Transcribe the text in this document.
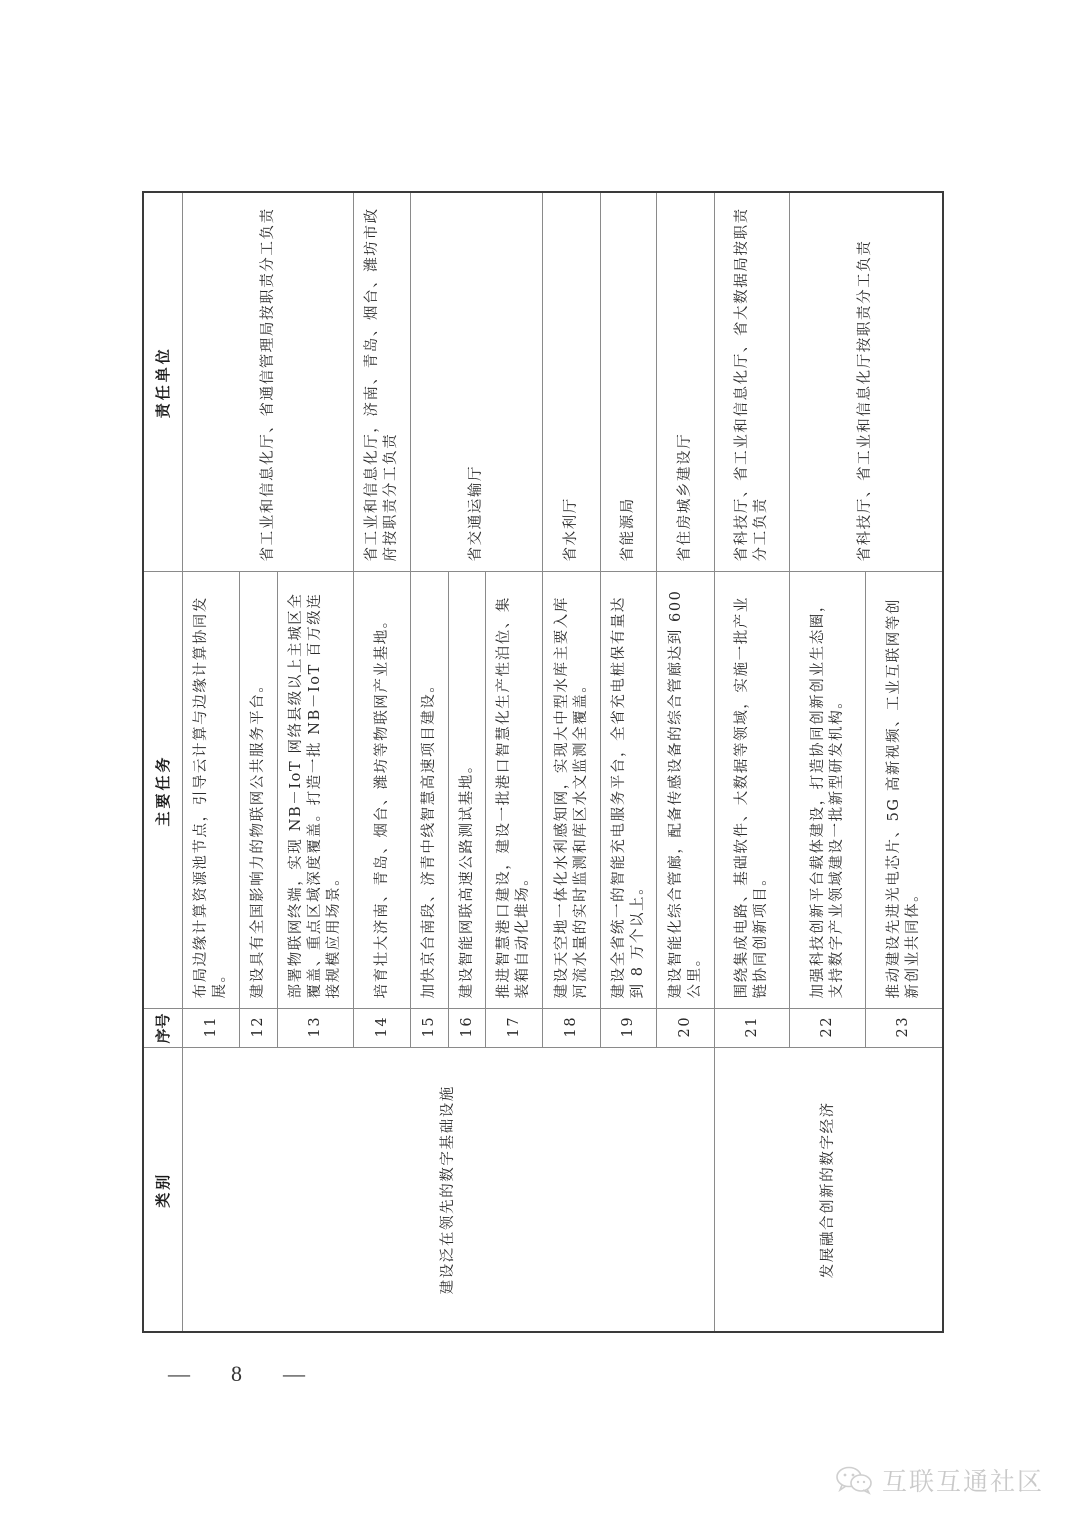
类别	序号	主要任务	责任单位
建设泛在领先的数字基础设施	11	布局边缘计算资源池节点，引导云计算与边缘计算协同发展。	省工业和信息化厅、省通信管理局按职责分工负责
	12	建设具有全国影响力的物联网公共服务平台。	
	13	部署物联网终端，实现 NB－IoT 网络县级以上主城区全覆盖、重点区域深度覆盖。打造一批 NB－IoT 百万级连接规模应用场景。	
	14	培育壮大济南、青岛、烟台、潍坊等物联网产业基地。	省工业和信息化厅，济南、青岛、烟台、潍坊市政府按职责分工负责
	15	加快京台南段、济青中线智慧高速项目建设。	省交通运输厅
	16	建设智能网联高速公路测试基地。	
	17	推进智慧港口建设，建设一批港口智慧化生产性泊位、集装箱自动化堆场。	
	18	建设天空地一体化水利感知网，实现大中型水库主要入库河流水量的实时监测和库区水文监测全覆盖。	省水利厅
	19	建设全省统一的智能充电服务平台，全省充电桩保有量达到 8 万个以上。	省能源局
	20	建设智能化综合管廊，配备传感设备的综合管廊达到 600 公里。	省住房城乡建设厅
发展融合创新的数字经济	21	围绕集成电路、基础软件、大数据等领域，实施一批产业链协同创新项目。	省科技厅、省工业和信息化厅、省大数据局按职责分工负责
	22	加强科技创新平台载体建设，打造协同创新创业生态圈，支持数字产业领域建设一批新型研发机构。	省科技厅、省工业和信息化厅按职责分工负责
	23	推动建设先进光电芯片、5G 高新视频、工业互联网等创新创业共同体。	
—  8  —
互联互通社区
